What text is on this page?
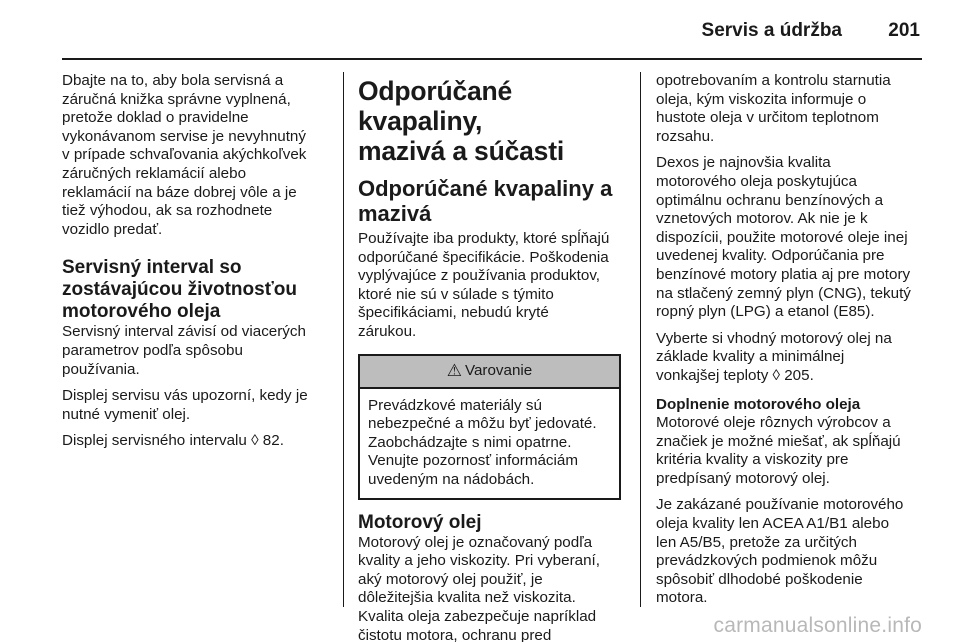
Servis a údržba 201

Dbajte na to, aby bola servisná a
záručná knižka správne vyplnená,
pretože doklad o pravidelne
vykonávanom servise je nevyhnutný
v prípade schvaľovania akýchkoľvek
záručných reklamácií alebo
reklamácií na báze dobrej vôle a je
tiež výhodou, ak sa rozhodnete
vozidlo predať.

Servisný interval so
zostávajúcou životnosťou
motorového oleja

Servisný interval závisí od viacerých
parametrov podľa spôsobu
používania.

Displej servisu vás upozorní, kedy je
nutné vymeniť olej.

Displej servisného intervalu ◊ 82.

Odporúčané kvapaliny,
mazivá a súčasti
Odporúčané kvapaliny a
mazivá

Používajte iba produkty, ktoré spĺňajú
odporúčané špecifikácie. Poškodenia
vyplývajúce z používania produktov,
ktoré nie sú v súlade s týmito
špecifikáciami, nebudú kryté
zárukou.

⚠ Varovanie
Prevádzkové materiály sú
nebezpečné a môžu byť jedovaté.
Zaobchádzajte s nimi opatrne.
Venujte pozornosť informáciám
uvedeným na nádobách.
Motorový olej

Motorový olej je označovaný podľa
kvality a jeho viskozity. Pri vyberaní,
aký motorový olej použiť, je
dôležitejšia kvalita než viskozita.
Kvalita oleja zabezpečuje napríklad
čistotu motora, ochranu pred

opotrebovaním a kontrolu starnutia
oleja, kým viskozita informuje o
hustote oleja v určitom teplotnom
rozsahu.

Dexos je najnovšia kvalita
motorového oleja poskytujúca
optimálnu ochranu benzínových a
vznetových motorov. Ak nie je k
dispozícii, použite motorové oleje inej
uvedenej kvality. Odporúčania pre
benzínové motory platia aj pre motory
na stlačený zemný plyn (CNG), tekutý
ropný plyn (LPG) a etanol (E85).

Vyberte si vhodný motorový olej na
základe kvality a minimálnej
vonkajšej teploty ◊ 205.

Doplnenie motorového oleja

Motorové oleje rôznych výrobcov a
značiek je možné miešať, ak spĺňajú
kritéria kvality a viskozity pre
predpísaný motorový olej.

Je zakázané používanie motorového
oleja kvality len ACEA A1/B1 alebo
len A5/B5, pretože za určitých
prevádzkových podmienok môžu
spôsobiť dlhodobé poškodenie
motora.

carmanualsonline.info
